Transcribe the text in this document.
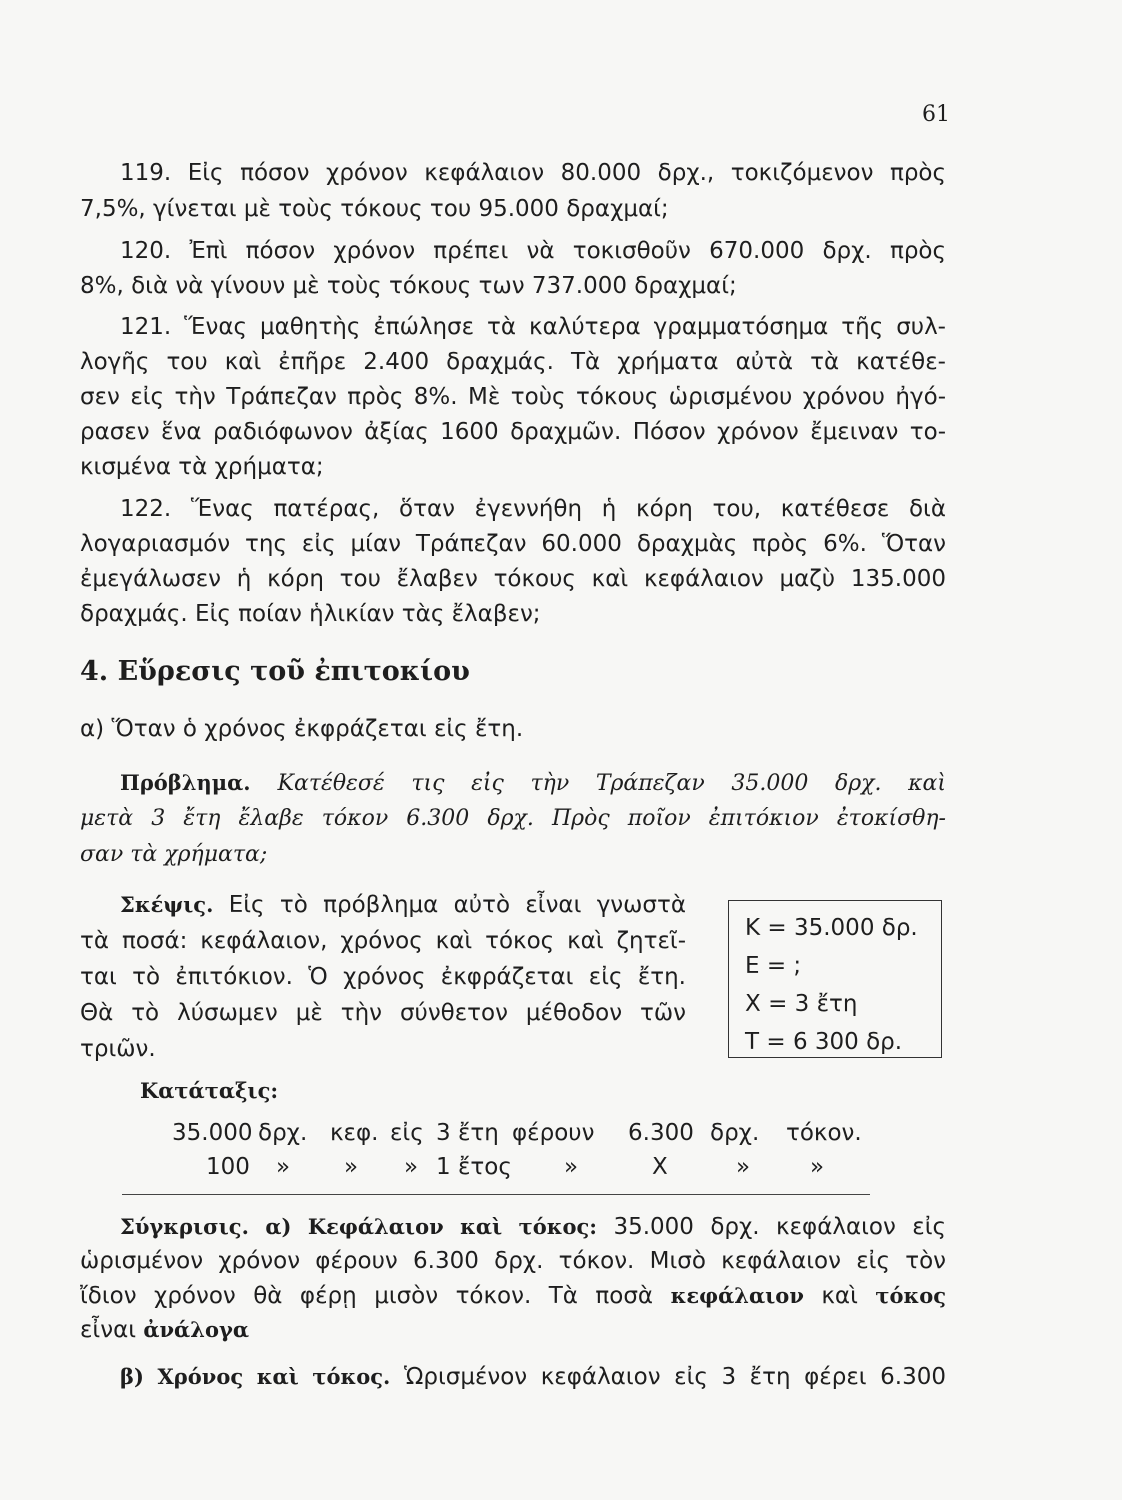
61
119. Εἰς πόσον χρόνον κεφάλαιον 80.000 δρχ., τοκιζόμενον πρὸς
7,5%, γίνεται μὲ τοὺς τόκους του 95.000 δραχμαί;
120. Ἐπὶ πόσον χρόνον πρέπει νὰ τοκισθοῦν 670.000 δρχ. πρὸς
8%, διὰ νὰ γίνουν μὲ τοὺς τόκους των 737.000 δραχμαί;
121. Ἕνας μαθητὴς ἐπώλησε τὰ καλύτερα γραμματόσημα τῆς συλ-
λογῆς του καὶ ἐπῆρε 2.400 δραχμάς. Τὰ χρήματα αὐτὰ τὰ κατέθε-
σεν εἰς τὴν Τράπεζαν πρὸς 8%. Μὲ τοὺς τόκους ὡρισμένου χρόνου ἠγό-
ρασεν ἕνα ραδιόφωνον ἀξίας 1600 δραχμῶν. Πόσον χρόνον ἔμειναν το-
κισμένα τὰ χρήματα;
122. Ἕνας πατέρας, ὅταν ἐγεννήθη ἡ κόρη του, κατέθεσε διὰ
λογαριασμόν της εἰς μίαν Τράπεζαν 60.000 δραχμὰς πρὸς 6%. Ὅταν
ἐμεγάλωσεν ἡ κόρη του ἔλαβεν τόκους καὶ κεφάλαιον μαζὺ 135.000
δραχμάς. Εἰς ποίαν ἡλικίαν τὰς ἔλαβεν;
4. Εὕρεσις τοῦ ἐπιτοκίου
α) Ὅταν ὁ χρόνος ἐκφράζεται εἰς ἔτη.
Πρόβλημα. Κατέθεσέ τις εἰς τὴν Τράπεζαν 35.000 δρχ. καὶ
μετὰ 3 ἔτη ἔλαβε τόκον 6.300 δρχ. Πρὸς ποῖον ἐπιτόκιον ἐτοκίσθη-
σαν τὰ χρήματα;
Σκέψις. Εἰς τὸ πρόβλημα αὐτὸ εἶναι γνωστὰ
τὰ ποσά: κεφάλαιον, χρόνος καὶ τόκος καὶ ζητεῖ-
ται τὸ ἐπιτόκιον. Ὁ χρόνος ἐκφράζεται εἰς ἔτη.
Θὰ τὸ λύσωμεν μὲ τὴν σύνθετον μέθοδον τῶν
τριῶν.
Κ = 35.000 δρ.
Ε = ;
Χ = 3 ἔτη
Τ = 6 300 δρ.
Κατάταξις:
35.000 δρχ. κεφ. εἰς 3 ἔτη φέρουν 6.300 δρχ. τόκον.
100 » » » 1 ἔτος »	Χ	»	»
Σύγκρισις. α) Κεφάλαιον καὶ τόκος: 35.000 δρχ. κεφάλαιον εἰς
ὡρισμένον χρόνον φέρουν 6.300 δρχ. τόκον. Μισὸ κεφάλαιον εἰς τὸν
ἴδιον χρόνον θὰ φέρῃ μισὸν τόκον. Τὰ ποσὰ κεφάλαιον καὶ τόκος
εἶναι ἀνάλογα
β) Χρόνος καὶ τόκος. Ὡρισμένον κεφάλαιον εἰς 3 ἔτη φέρει 6.300
